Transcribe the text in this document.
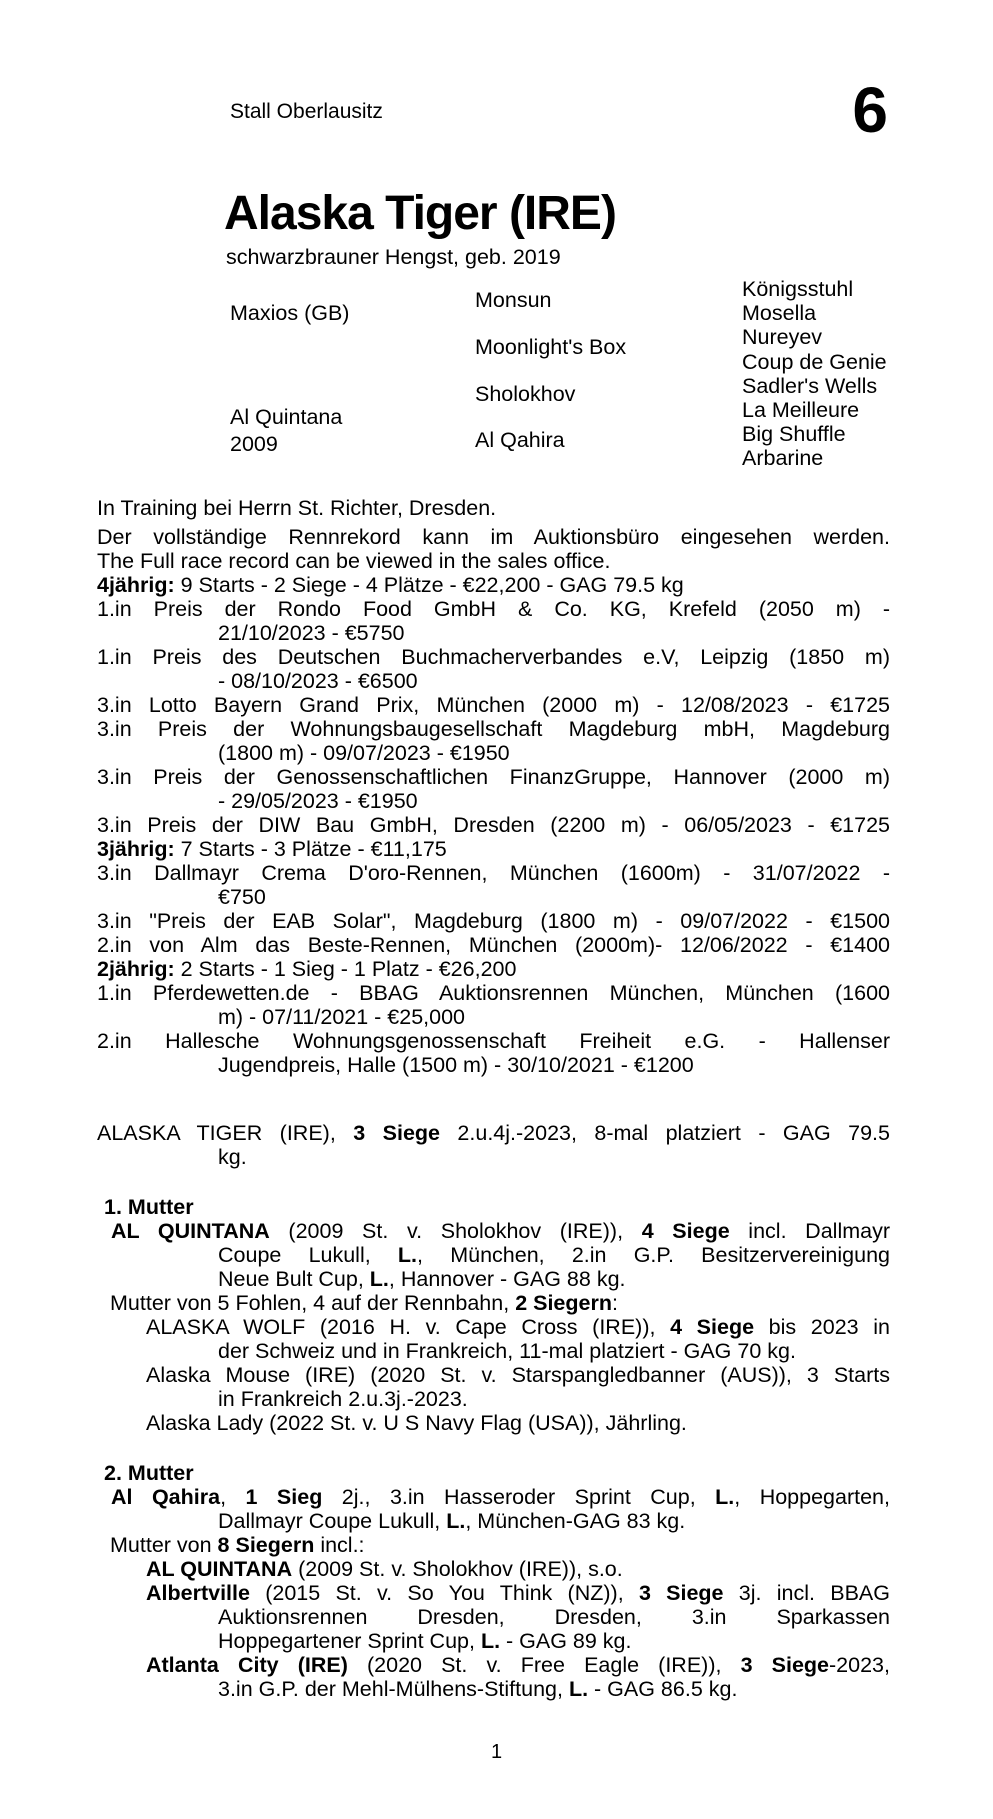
Stall Oberlausitz	6
Alaska Tiger (IRE)
schwarzbrauner Hengst, geb. 2019
Maxios (GB)
Al Quintana
2009
Monsun
Moonlight's Box
Sholokhov
Al Qahira
Königsstuhl
Mosella
Nureyev
Coup de Genie
Sadler's Wells
La Meilleure
Big Shuffle
Arbarine

In Training bei Herrn St. Richter, Dresden.

Der vollständige Rennrekord kann im Auktionsbüro eingesehen werden.

The Full race record can be viewed in the sales office.

4jährig: 9 Starts - 2 Siege - 4 Plätze - €22,200 - GAG 79.5 kg

1.in Preis der Rondo Food GmbH & Co. KG, Krefeld (2050 m) -

21/10/2023 - €5750

1.in Preis des Deutschen Buchmacherverbandes e.V, Leipzig (1850 m)

- 08/10/2023 - €6500

3.in Lotto Bayern Grand Prix, München (2000 m) - 12/08/2023 - €1725

3.in Preis der Wohnungsbaugesellschaft Magdeburg mbH, Magdeburg

(1800 m) - 09/07/2023 - €1950

3.in Preis der Genossenschaftlichen FinanzGruppe, Hannover (2000 m)

- 29/05/2023 - €1950

3.in Preis der DIW Bau GmbH, Dresden (2200 m) - 06/05/2023 - €1725

3jährig: 7 Starts - 3 Plätze - €11,175

3.in Dallmayr Crema D'oro-Rennen, München (1600m) - 31/07/2022 -

€750

3.in "Preis der EAB Solar", Magdeburg (1800 m) - 09/07/2022 - €1500

2.in von Alm das Beste-Rennen, München (2000m)- 12/06/2022 - €1400

2jährig: 2 Starts - 1 Sieg - 1 Platz - €26,200

1.in Pferdewetten.de - BBAG Auktionsrennen München, München (1600

m) - 07/11/2021 - €25,000

2.in Hallesche Wohnungsgenossenschaft Freiheit e.G. - Hallenser

Jugendpreis, Halle (1500 m) - 30/10/2021 - €1200

ALASKA TIGER (IRE), 3 Siege 2.u.4j.-2023, 8-mal platziert - GAG 79.5

kg.

1. Mutter

AL QUINTANA (2009 St. v. Sholokhov (IRE)), 4 Siege incl. Dallmayr

Coupe Lukull, L., München, 2.in G.P. Besitzervereinigung

Neue Bult Cup, L., Hannover - GAG 88 kg.

Mutter von 5 Fohlen, 4 auf der Rennbahn, 2 Siegern:

ALASKA WOLF (2016 H. v. Cape Cross (IRE)), 4 Siege bis 2023 in

der Schweiz und in Frankreich, 11-mal platziert - GAG 70 kg.

Alaska Mouse (IRE) (2020 St. v. Starspangledbanner (AUS)), 3 Starts

in Frankreich 2.u.3j.-2023.

Alaska Lady (2022 St. v. U S Navy Flag (USA)), Jährling.

2. Mutter

Al Qahira, 1 Sieg 2j., 3.in Hasseroder Sprint Cup, L., Hoppegarten,

Dallmayr Coupe Lukull, L., München-GAG 83 kg.

Mutter von 8 Siegern incl.:

AL QUINTANA (2009 St. v. Sholokhov (IRE)), s.o.

Albertville (2015 St. v. So You Think (NZ)), 3 Siege 3j. incl. BBAG

Auktionsrennen Dresden, Dresden, 3.in Sparkassen

Hoppegartener Sprint Cup, L. - GAG 89 kg.

Atlanta City (IRE) (2020 St. v. Free Eagle (IRE)), 3 Siege-2023,

3.in G.P. der Mehl-Mülhens-Stiftung, L. - GAG 86.5 kg.

1
